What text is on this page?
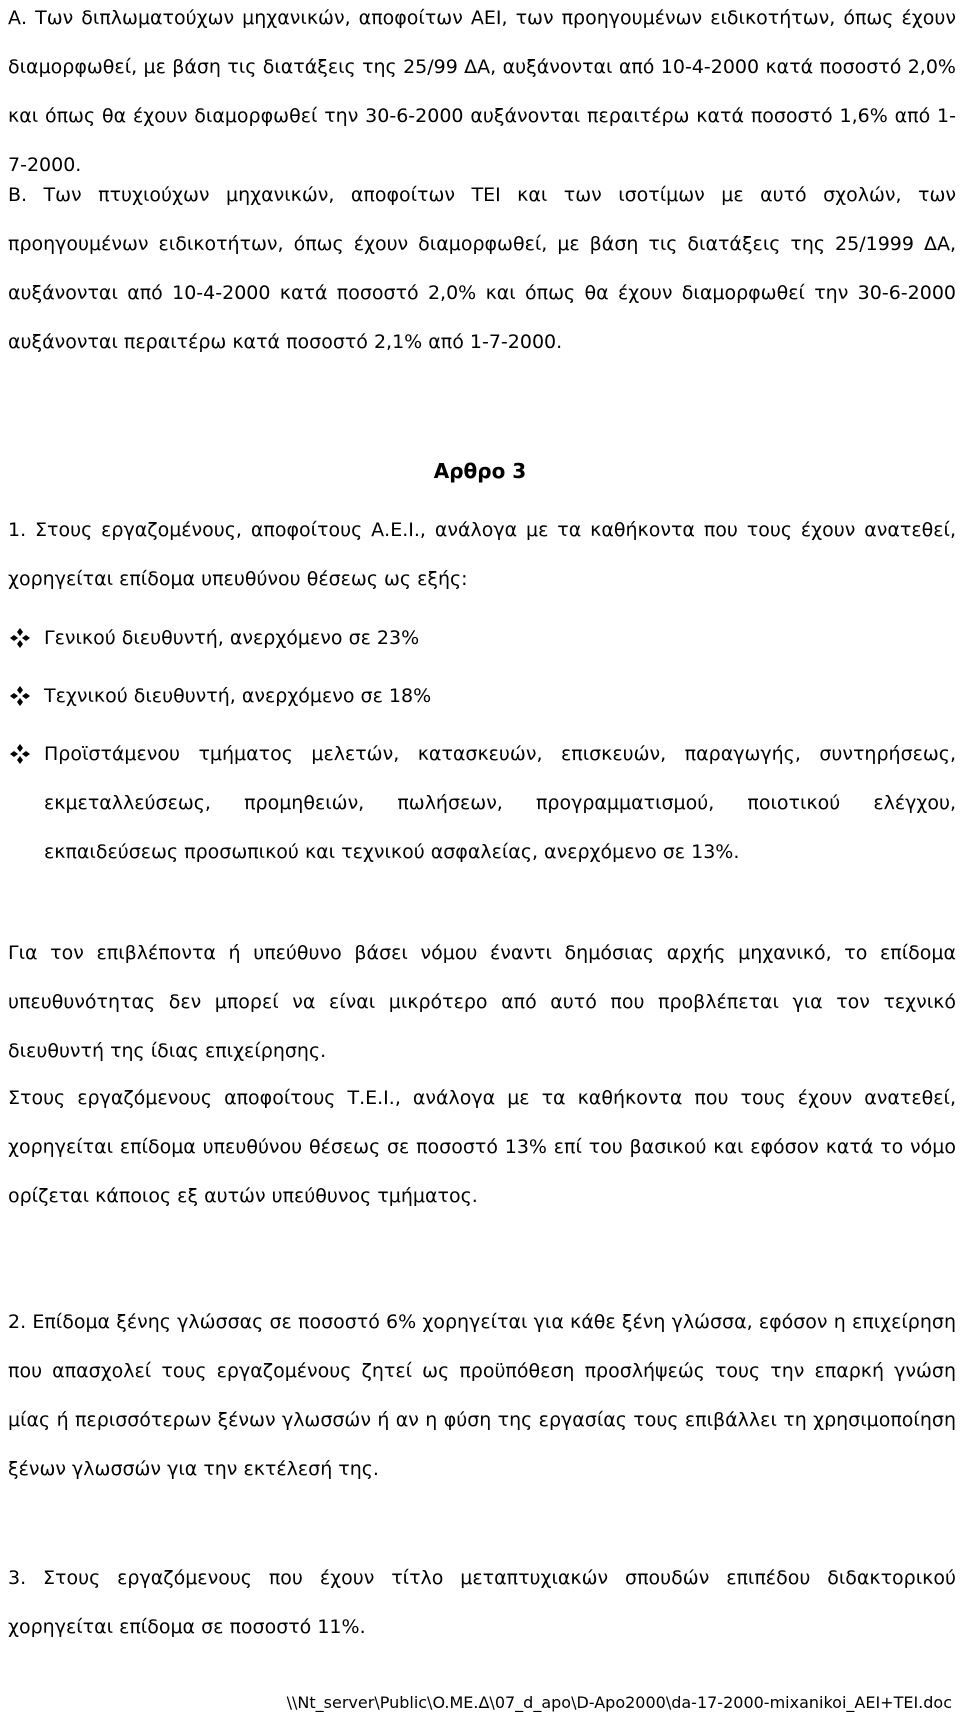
Α. Των διπλωματούχων μηχανικών, αποφοίτων ΑΕΙ, των προηγουμένων ειδικοτήτων, όπως έχουν διαμορφωθεί, με βάση τις διατάξεις της 25/99 ΔΑ, αυξάνονται από 10-4-2000 κατά ποσοστό 2,0% και όπως θα έχουν διαμορφωθεί την 30-6-2000 αυξάνονται περαιτέρω κατά ποσοστό 1,6% από 1-7-2000.
Β. Των πτυχιούχων μηχανικών, αποφοίτων ΤΕΙ και των ισοτίμων με αυτό σχολών, των προηγουμένων ειδικοτήτων, όπως έχουν διαμορφωθεί, με βάση τις διατάξεις της 25/1999 ΔΑ, αυξάνονται από 10-4-2000 κατά ποσοστό 2,0% και όπως θα έχουν διαμορφωθεί την 30-6-2000 αυξάνονται περαιτέρω κατά ποσοστό 2,1% από 1-7-2000.
Αρθρο 3
1. Στους εργαζομένους, αποφοίτους Α.Ε.Ι., ανάλογα με τα καθήκοντα που τους έχουν ανατεθεί, χορηγείται επίδομα υπευθύνου θέσεως ως εξής:
Γενικού διευθυντή, ανερχόμενο σε 23%
Τεχνικού διευθυντή, ανερχόμενο σε 18%
Προϊστάμενου τμήματος μελετών, κατασκευών, επισκευών, παραγωγής, συντηρήσεως, εκμεταλλεύσεως, προμηθειών, πωλήσεων, προγραμματισμού, ποιοτικού ελέγχου, εκπαιδεύσεως προσωπικού και τεχνικού ασφαλείας, ανερχόμενο σε 13%.
Για τον επιβλέποντα ή υπεύθυνο βάσει νόμου έναντι δημόσιας αρχής μηχανικό, το επίδομα υπευθυνότητας δεν μπορεί να είναι μικρότερο από αυτό που προβλέπεται για τον τεχνικό διευθυντή της ίδιας επιχείρησης.
Στους εργαζόμενους αποφοίτους Τ.Ε.Ι., ανάλογα με τα καθήκοντα που τους έχουν ανατεθεί, χορηγείται επίδομα υπευθύνου θέσεως σε ποσοστό 13% επί του βασικού και εφόσον κατά το νόμο ορίζεται κάποιος εξ αυτών υπεύθυνος τμήματος.
2. Επίδομα ξένης γλώσσας σε ποσοστό 6% χορηγείται για κάθε ξένη γλώσσα, εφόσον η επιχείρηση που απασχολεί τους εργαζομένους ζητεί ως προϋπόθεση προσλήψεώς τους την επαρκή γνώση μίας ή περισσότερων ξένων γλωσσών ή αν η φύση της εργασίας τους επιβάλλει τη χρησιμοποίηση ξένων γλωσσών για την εκτέλεσή της.
3. Στους εργαζόμενους που έχουν τίτλο μεταπτυχιακών σπουδών επιπέδου διδακτορικού χορηγείται επίδομα σε ποσοστό 11%.
\\Nt_server\Public\O.ME.Δ\07_d_apo\D-Apo2000\da-17-2000-mixanikoi_AEI+TEI.doc
